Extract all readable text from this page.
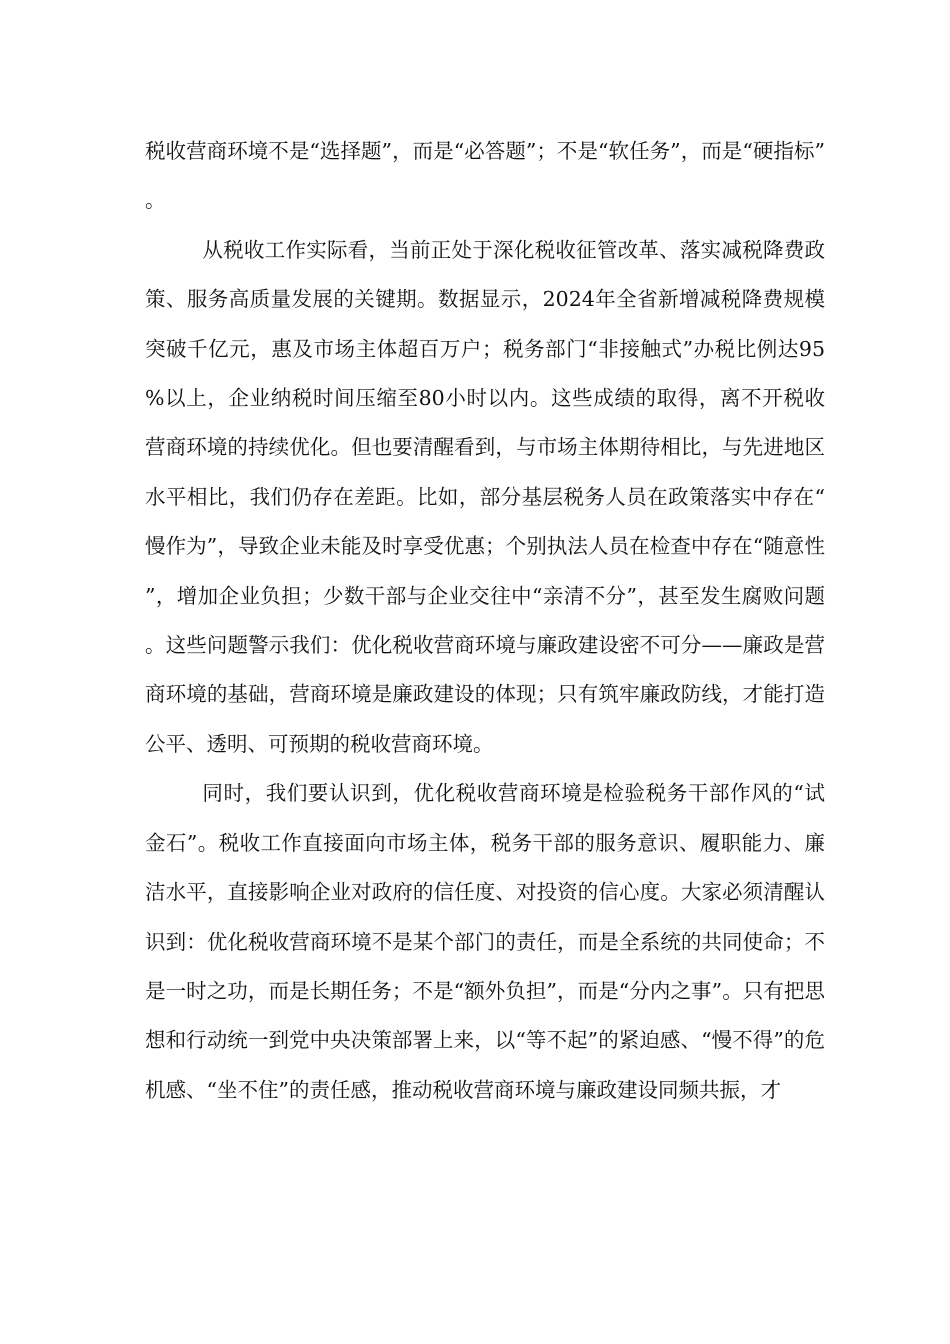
税收营商环境不是“选择题”，而是“必答题”；不是“软任务”，而是“硬指标”。

从税收工作实际看，当前正处于深化税收征管改革、落实减税降费政策、服务高质量发展的关键期。数据显示，2024年全省新增减税降费规模突破千亿元，惠及市场主体超百万户；税务部门“非接触式”办税比例达95%以上，企业纳税时间压缩至80小时以内。这些成绩的取得，离不开税收营商环境的持续优化。但也要清醒看到，与市场主体期待相比，与先进地区水平相比，我们仍存在差距。比如，部分基层税务人员在政策落实中存在“慢作为”，导致企业未能及时享受优惠；个别执法人员在检查中存在“随意性”，增加企业负担；少数干部与企业交往中“亲清不分”，甚至发生腐败问题。这些问题警示我们：优化税收营商环境与廉政建设密不可分——廉政是营商环境的基础，营商环境是廉政建设的体现；只有筑牢廉政防线，才能打造公平、透明、可预期的税收营商环境。

同时，我们要认识到，优化税收营商环境是检验税务干部作风的“试金石”。税收工作直接面向市场主体，税务干部的服务意识、履职能力、廉洁水平，直接影响企业对政府的信任度、对投资的信心度。大家必须清醒认识到：优化税收营商环境不是某个部门的责任，而是全系统的共同使命；不是一时之功，而是长期任务；不是“额外负担”，而是“分内之事”。只有把思想和行动统一到党中央决策部署上来，以“等不起”的紧迫感、“慢不得”的危机感、“坐不住”的责任感，推动税收营商环境与廉政建设同频共振，才
